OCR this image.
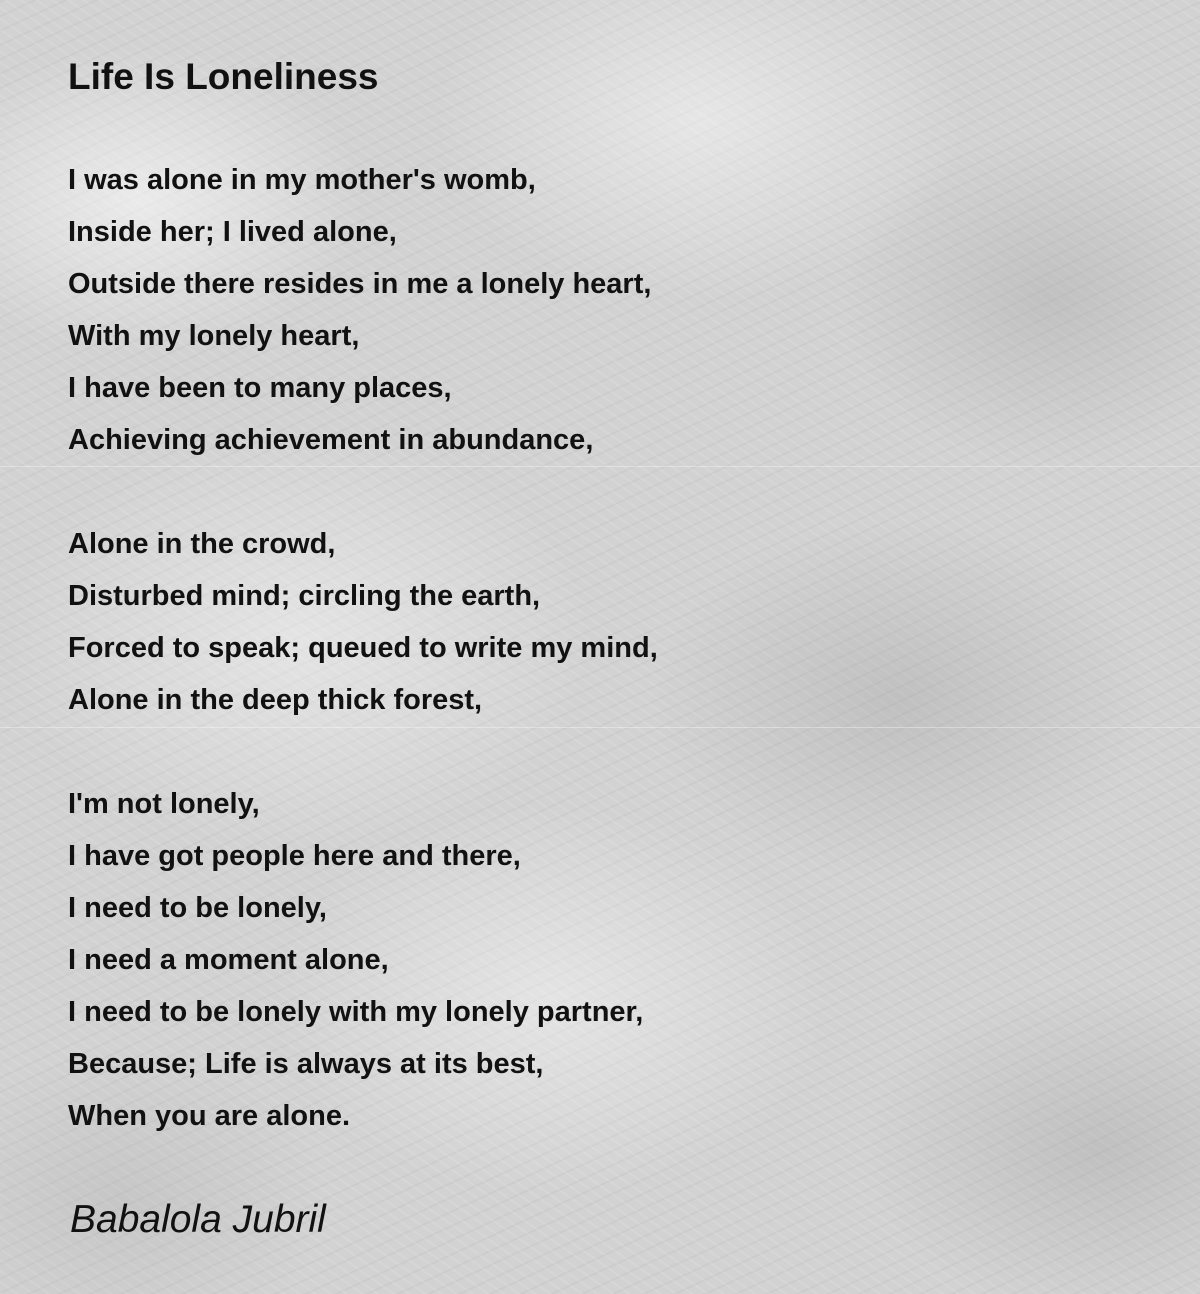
Life Is Loneliness
I was alone in my mother's womb,
Inside her; I lived alone,
Outside there resides in me a lonely heart,
With my lonely heart,
I have been to many places,
Achieving achievement in abundance,
Alone in the crowd,
Disturbed mind; circling the earth,
Forced to speak; queued to write my mind,
Alone in the deep thick forest,
I'm not lonely,
I have got people here and there,
I need to be lonely,
I need a moment alone,
I need to be lonely with my lonely partner,
Because; Life is always at its best,
When you are alone.
Babalola Jubril
